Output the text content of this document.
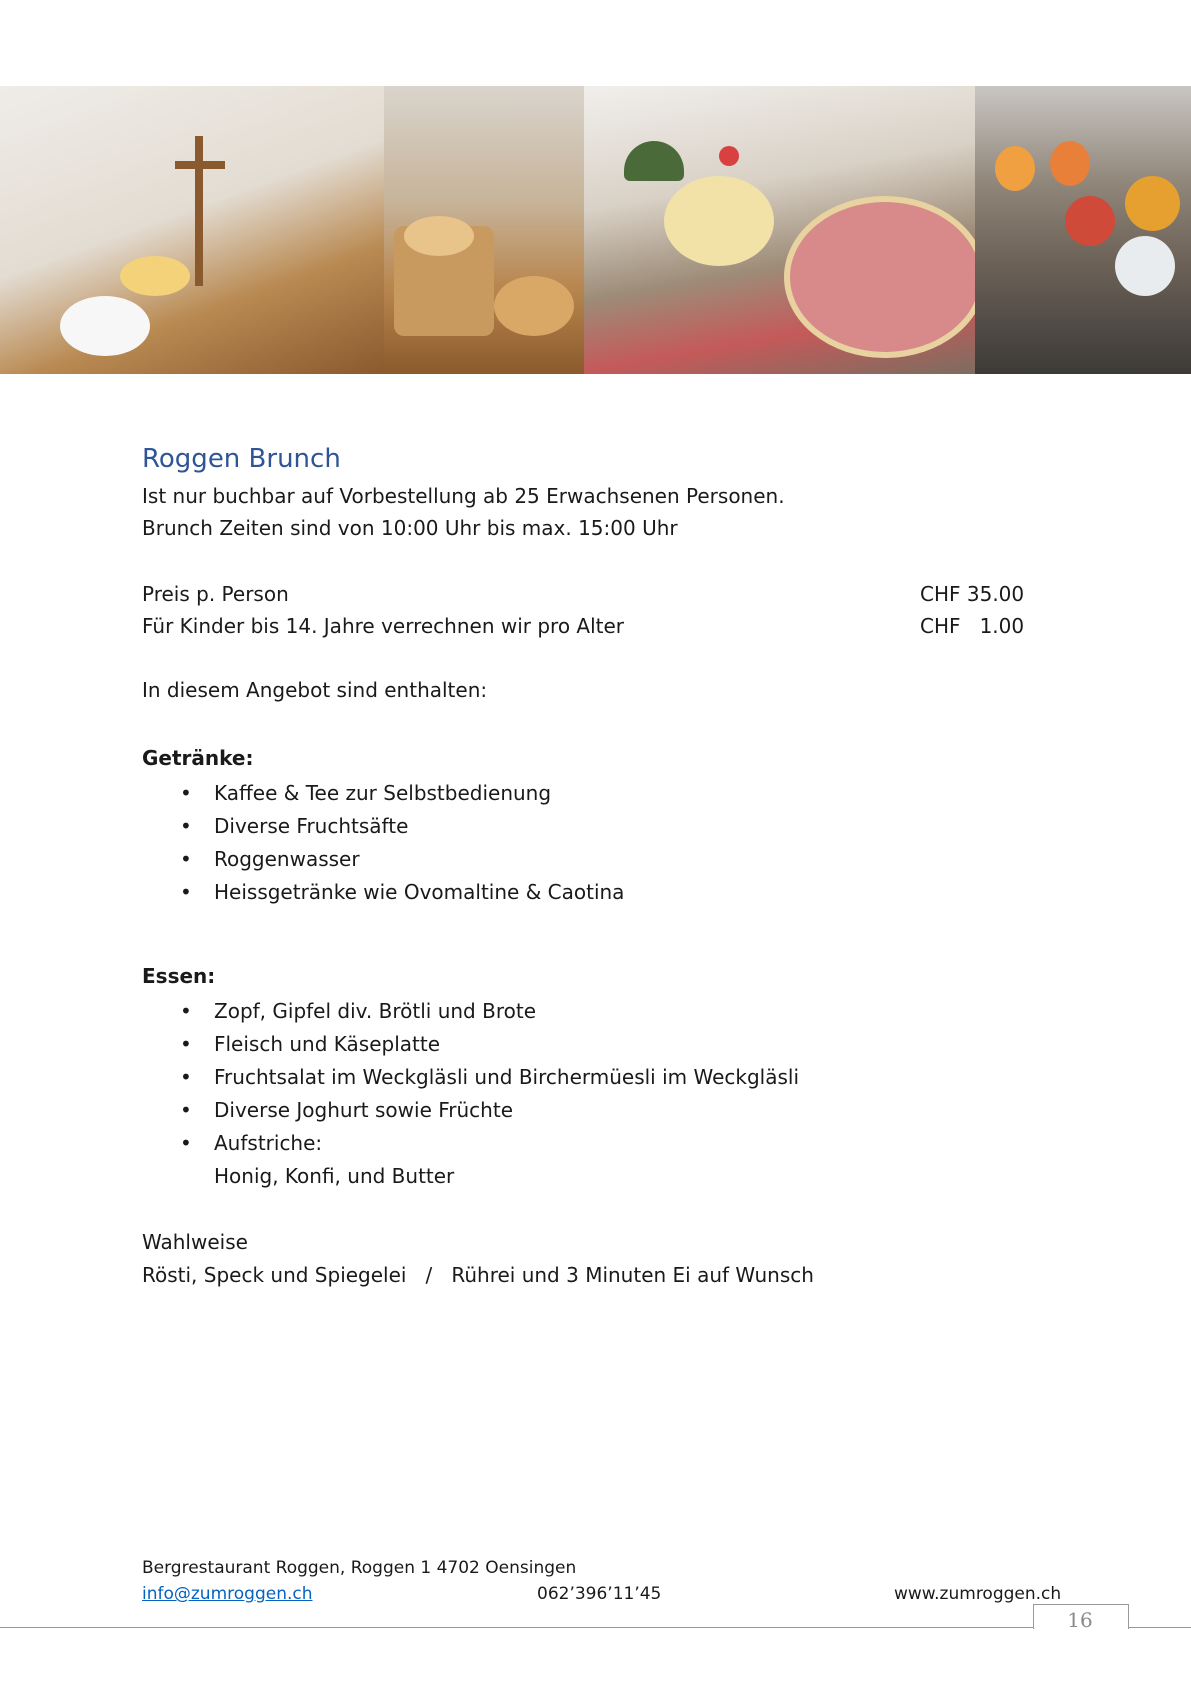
Roggen Brunch
Ist nur buchbar auf Vorbestellung ab 25 Erwachsenen Personen.
Brunch Zeiten sind von 10:00 Uhr bis max. 15:00 Uhr
Preis p. Person	CHF 35.00
Für Kinder bis 14. Jahre verrechnen wir pro Alter	CHF   1.00
In diesem Angebot sind enthalten:
Getränke:
• Kaffee & Tee zur Selbstbedienung
• Diverse Fruchtsäfte
• Roggenwasser
• Heissgetränke wie Ovomaltine & Caotina
Essen:
• Zopf, Gipfel div. Brötli und Brote
• Fleisch und Käseplatte
• Fruchtsalat im Weckgläsli und Birchermüesli im Weckgläsli
• Diverse Joghurt sowie Früchte
• Aufstriche:
Honig, Konfi, und Butter
Wahlweise
Rösti, Speck und Spiegelei   /   Rührei und 3 Minuten Ei auf Wunsch
Bergrestaurant Roggen, Roggen 1 4702 Oensingen
info@zumroggen.ch	062’396’11’45	www.zumroggen.ch
16
